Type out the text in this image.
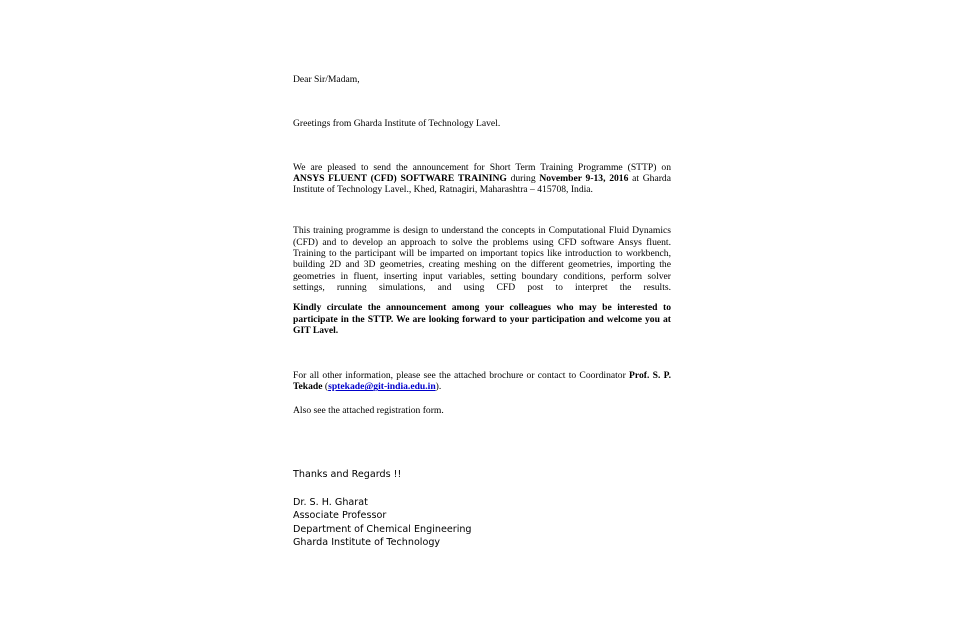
Dear Sir/Madam,

Greetings from Gharda Institute of Technology Lavel.

We are pleased to send the announcement for Short Term Training Programme (STTP) on ANSYS FLUENT (CFD) SOFTWARE TRAINING during November 9-13, 2016 at Gharda Institute of Technology Lavel., Khed, Ratnagiri, Maharashtra – 415708, India.

This training programme is design to understand the concepts in Computational Fluid Dynamics (CFD) and to develop an approach to solve the problems using CFD software Ansys fluent. Training to the participant will be imparted on important topics like introduction to workbench, building 2D and 3D geometries, creating meshing on the different geometries, importing the geometries in fluent, inserting input variables, setting boundary conditions, perform solver settings, running simulations, and using CFD post to interpret the results.

Kindly circulate the announcement among your colleagues who may be interested to participate in the STTP. We are looking forward to your participation and welcome you at GIT Lavel.

For all other information, please see the attached brochure or contact to Coordinator Prof. S. P. Tekade (sptekade@git-india.edu.in).

Also see the attached registration form.

Thanks and Regards !!

Dr. S. H. Gharat
Associate Professor
Department of Chemical Engineering
Gharda Institute of Technology
